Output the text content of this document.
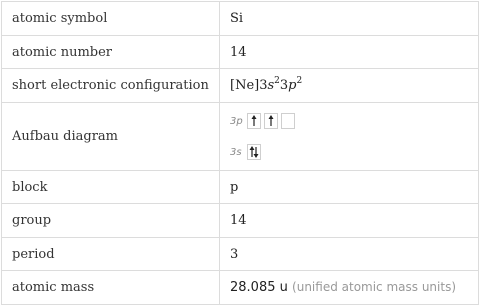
atomic symbol	Si
atomic number	14
short electronic configuration	$[Ne]3s^23p^2$
Aufbau diagram	3p
3s

block	p
group	14
period	3
atomic mass	28.085 u (unified atomic mass units)
